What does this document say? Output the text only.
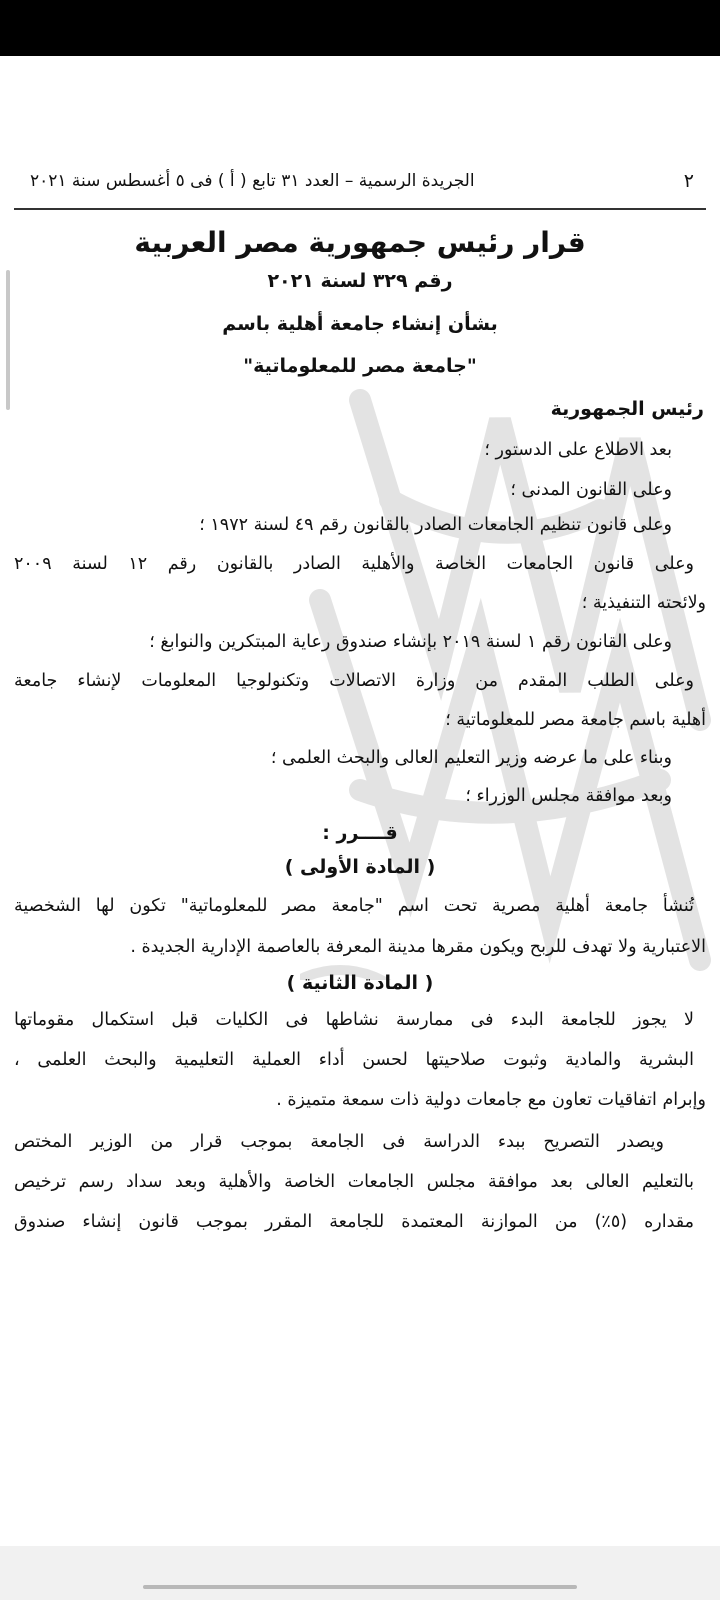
٢
الجريدة الرسمية – العدد ٣١ تابع ( أ ) فى ٥ أغسطس سنة ٢٠٢١
قرار رئيس جمهورية مصر العربية
رقم ٣٢٩ لسنة ٢٠٢١
بشأن إنشاء جامعة أهلية باسم
"جامعة مصر للمعلوماتية"
رئيس الجمهورية
بعد الاطلاع على الدستور ؛
وعلى القانون المدنى ؛
وعلى قانون تنظيم الجامعات الصادر بالقانون رقم ٤٩ لسنة ١٩٧٢ ؛
وعلى قانون الجامعات الخاصة والأهلية الصادر بالقانون رقم ١٢ لسنة ٢٠٠٩
ولائحته التنفيذية ؛
وعلى القانون رقم ١ لسنة ٢٠١٩ بإنشاء صندوق رعاية المبتكرين والنوابغ ؛
وعلى الطلب المقدم من وزارة الاتصالات وتكنولوجيا المعلومات لإنشاء جامعة
أهلية باسم جامعة مصر للمعلوماتية ؛
وبناء على ما عرضه وزير التعليم العالى والبحث العلمى ؛
وبعد موافقة مجلس الوزراء ؛
قــــرر :
( المادة الأولى )
تُنشأ جامعة أهلية مصرية تحت اسم "جامعة مصر للمعلوماتية" تكون لها الشخصية
الاعتبارية ولا تهدف للربح ويكون مقرها مدينة المعرفة بالعاصمة الإدارية الجديدة .
( المادة الثانية )
لا يجوز للجامعة البدء فى ممارسة نشاطها فى الكليات قبل استكمال مقوماتها
البشرية والمادية وثبوت صلاحيتها لحسن أداء العملية التعليمية والبحث العلمى ،
وإبرام اتفاقيات تعاون مع جامعات دولية ذات سمعة متميزة .
ويصدر التصريح ببدء الدراسة فى الجامعة بموجب قرار من الوزير المختص
بالتعليم العالى بعد موافقة مجلس الجامعات الخاصة والأهلية وبعد سداد رسم ترخيص
مقداره (٥٪) من الموازنة المعتمدة للجامعة المقرر بموجب قانون إنشاء صندوق
